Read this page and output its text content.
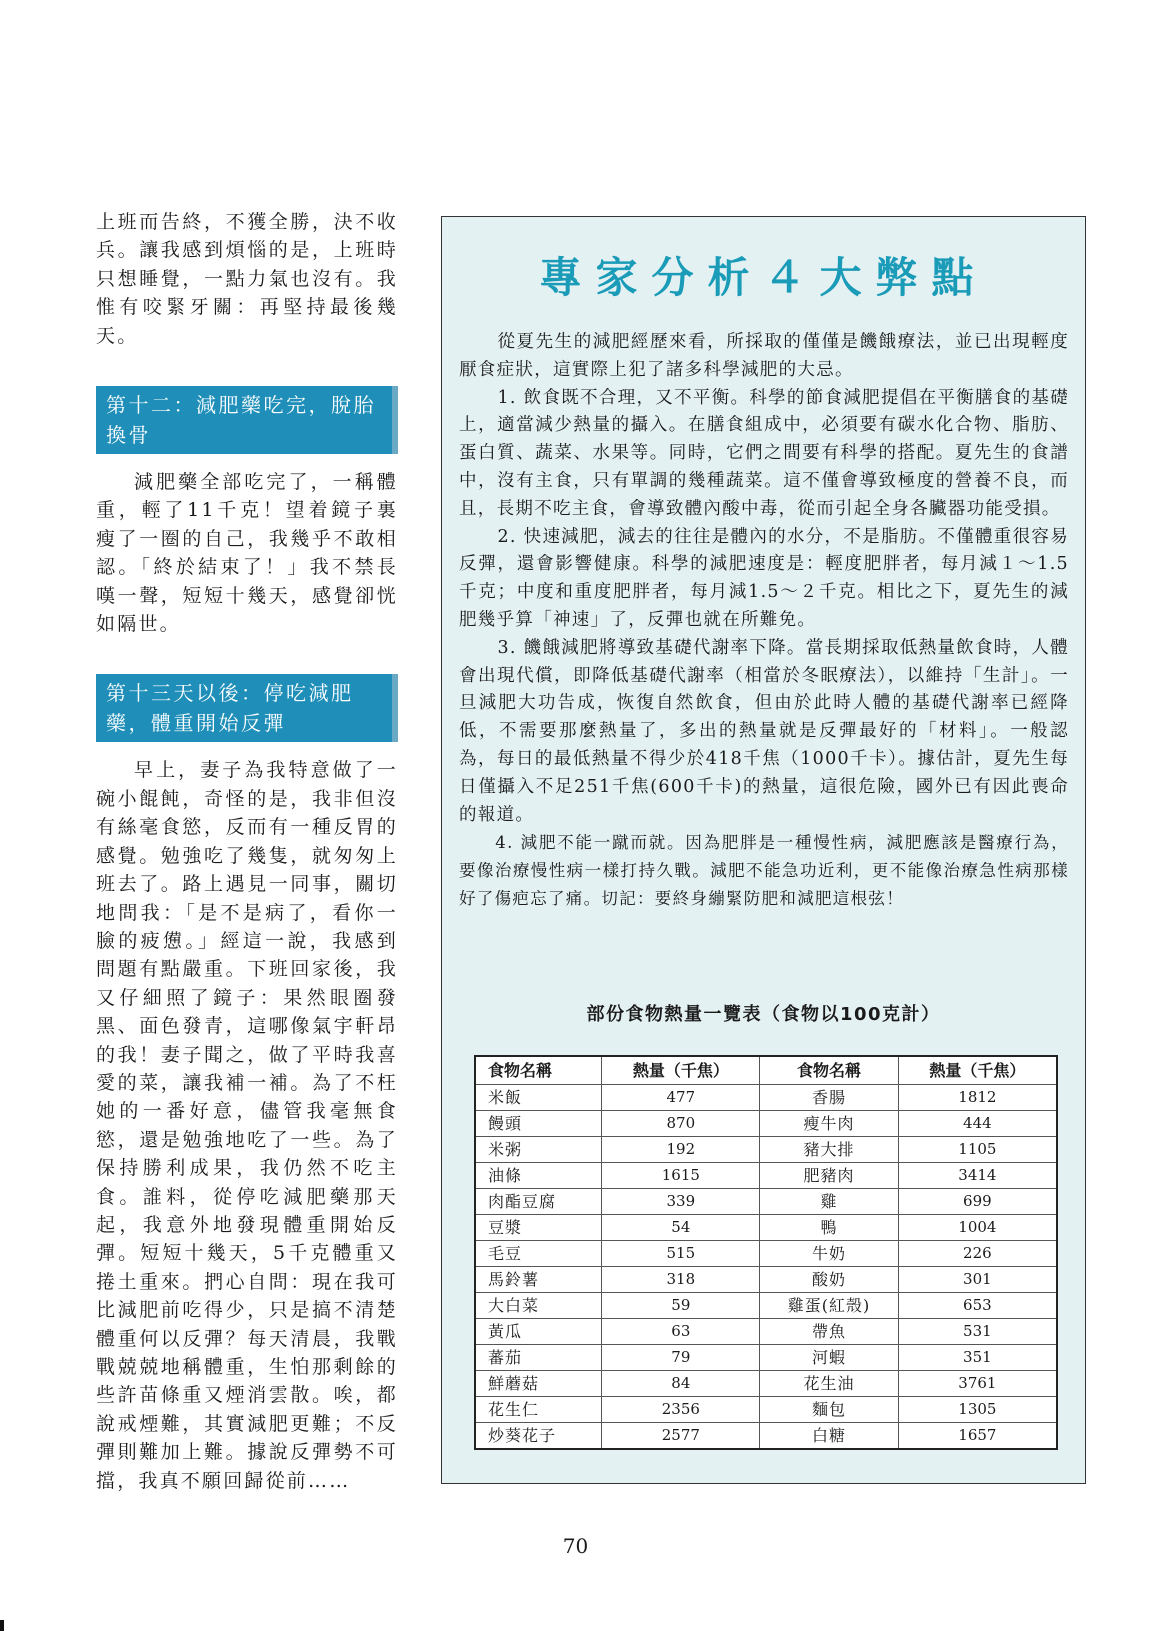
上班而告終，不獲全勝，決不收兵。讓我感到煩惱的是，上班時只想睡覺，一點力氣也沒有。我惟有咬緊牙關：再堅持最後幾天。

第十二：減肥藥吃完，脫胎換骨

減肥藥全部吃完了，一稱體重，輕了11千克！望着鏡子裏瘦了一圈的自己，我幾乎不敢相認。「終於結束了！」我不禁長嘆一聲，短短十幾天，感覺卻恍如隔世。

第十三天以後：停吃減肥藥，體重開始反彈

早上，妻子為我特意做了一碗小餛飩，奇怪的是，我非但沒有絲毫食慾，反而有一種反胃的感覺。勉強吃了幾隻，就匆匆上班去了。路上遇見一同事，關切地問我：「是不是病了，看你一臉的疲憊。」經這一說，我感到問題有點嚴重。下班回家後，我又仔細照了鏡子：果然眼圈發黑、面色發青，這哪像氣宇軒昂的我！妻子聞之，做了平時我喜愛的菜，讓我補一補。為了不枉她的一番好意，儘管我毫無食慾，還是勉強地吃了一些。為了保持勝利成果，我仍然不吃主食。誰料，從停吃減肥藥那天起，我意外地發現體重開始反彈。短短十幾天，5千克體重又捲土重來。捫心自問：現在我可比減肥前吃得少，只是搞不清楚體重何以反彈？每天清晨，我戰戰兢兢地稱體重，生怕那剩餘的些許苗條重又煙消雲散。唉，都說戒煙難，其實減肥更難；不反彈則難加上難。據說反彈勢不可擋，我真不願回歸從前……

專家分析４大弊點

從夏先生的減肥經歷來看，所採取的僅僅是饑餓療法，並已出現輕度厭食症狀，這實際上犯了諸多科學減肥的大忌。

1. 飲食既不合理，又不平衡。科學的節食減肥提倡在平衡膳食的基礎上，適當減少熱量的攝入。在膳食組成中，必須要有碳水化合物、脂肪、蛋白質、蔬菜、水果等。同時，它們之間要有科學的搭配。夏先生的食譜中，沒有主食，只有單調的幾種蔬菜。這不僅會導致極度的營養不良，而且，長期不吃主食，會導致體內酸中毒，從而引起全身各臟器功能受損。

2. 快速減肥，減去的往往是體內的水分，不是脂肪。不僅體重很容易反彈，還會影響健康。科學的減肥速度是：輕度肥胖者，每月減１～1.5千克；中度和重度肥胖者，每月減1.5～２千克。相比之下，夏先生的減肥幾乎算「神速」了，反彈也就在所難免。

3. 饑餓減肥將導致基礎代謝率下降。當長期採取低熱量飲食時，人體會出現代償，即降低基礎代謝率（相當於冬眠療法），以維持「生計」。一旦減肥大功告成，恢復自然飲食，但由於此時人體的基礎代謝率已經降低，不需要那麼熱量了，多出的熱量就是反彈最好的「材料」。一般認為，每日的最低熱量不得少於418千焦（1000千卡）。據估計，夏先生每日僅攝入不足251千焦(600千卡)的熱量，這很危險，國外已有因此喪命的報道。

4. 減肥不能一蹴而就。因為肥胖是一種慢性病，減肥應該是醫療行為，要像治療慢性病一樣打持久戰。減肥不能急功近利，更不能像治療急性病那樣好了傷疤忘了痛。切記：要終身繃緊防肥和減肥這根弦！

部份食物熱量一覽表（食物以100克計）
食物名稱	熱量（千焦）	食物名稱	熱量（千焦）
米飯	477	香腸	1812
饅頭	870	瘦牛肉	444
米粥	192	豬大排	1105
油條	1615	肥豬肉	3414
肉酯豆腐	339	雞	699
豆漿	54	鴨	1004
毛豆	515	牛奶	226
馬鈴薯	318	酸奶	301
大白菜	59	雞蛋(紅殼)	653
黃瓜	63	帶魚	531
蕃茄	79	河蝦	351
鮮蘑菇	84	花生油	3761
花生仁	2356	麵包	1305
炒葵花子	2577	白糖	1657
70
